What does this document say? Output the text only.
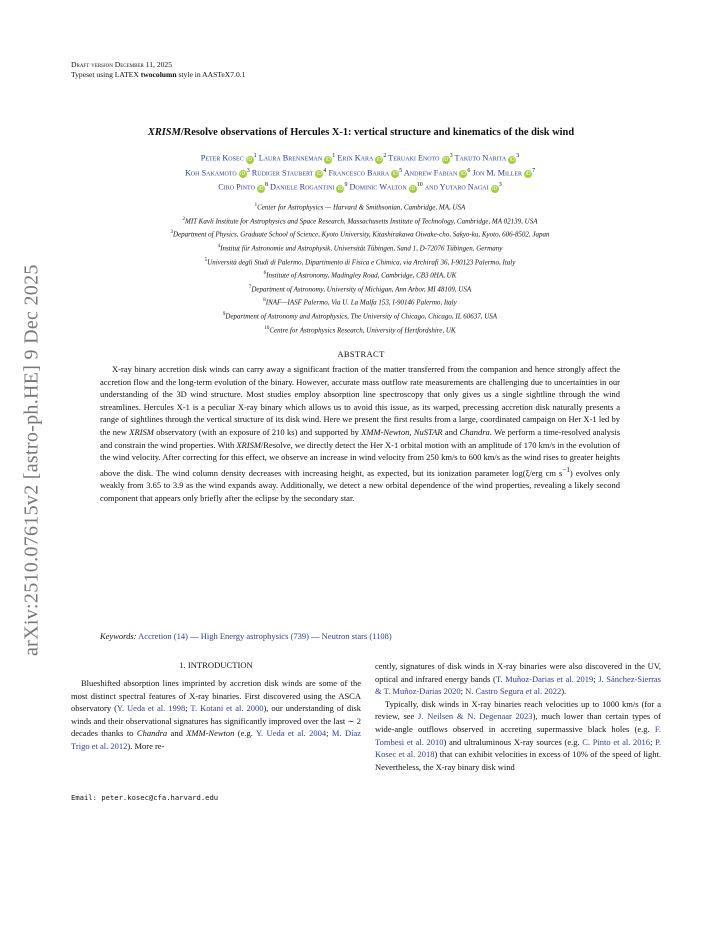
arXiv:2510.07615v2 [astro-ph.HE] 9 Dec 2025
Draft version December 11, 2025
Typeset using LATEX twocolumn style in AASTeX7.0.1
XRISM/Resolve observations of Hercules X-1: vertical structure and kinematics of the disk wind
Peter Kosec $iD^1$ Laura Brenneman $iD^1$ Erin Kara $iD^2$ Teruaki Enoto $iD^3$ Takuto Narita $iD^3$
Koh Sakamoto $iD^3$ Rüdiger Staubert $iD^4$ Francesco Barra $iD^5$ Andrew Fabian $iD^6$ Jon M. Miller $iD^7$
Ciro Pinto $iD^8$ Daniele Rogantini $iD^9$ Dominic Walton $iD^{10}$ and Yutaro Nagai $iD^3$
$^1$Center for Astrophysics — Harvard & Smithsonian, Cambridge, MA, USA
$^2$MIT Kavli Institute for Astrophysics and Space Research, Massachusetts Institute of Technology, Cambridge, MA 02139, USA
$^3$Department of Physics, Graduate School of Science, Kyoto University, Kitashirakawa Oiwake-cho, Sakyo-ku, Kyoto, 606-8502, Japan
$^4$Institut für Astronomie und Astrophysik, Universität Tübingen, Sand 1, D-72076 Tübingen, Germany
$^5$Università degli Studi di Palermo, Dipartimento di Fisica e Chimica, via Archirafi 36, I-90123 Palermo, Italy
$^6$Institute of Astronomy, Madingley Road, Cambridge, CB3 0HA, UK
$^7$Department of Astronomy, University of Michigan, Ann Arbor, MI 48109, USA
$^8$INAF—IASF Palermo, Via U. La Malfa 153, I-90146 Palermo, Italy
$^9$Department of Astronomy and Astrophysics, The University of Chicago, Chicago, IL 60637, USA
$^{10}$Centre for Astrophysics Research, University of Hertfordshire, UK
ABSTRACT
X-ray binary accretion disk winds can carry away a significant fraction of the matter transferred from the companion and hence strongly affect the accretion flow and the long-term evolution of the binary. However, accurate mass outflow rate measurements are challenging due to uncertainties in our understanding of the 3D wind structure. Most studies employ absorption line spectroscopy that only gives us a single sightline through the wind streamlines. Hercules X-1 is a peculiar X-ray binary which allows us to avoid this issue, as its warped, precessing accretion disk naturally presents a range of sightlines through the vertical structure of its disk wind. Here we present the first results from a large, coordinated campaign on Her X-1 led by the new XRISM observatory (with an exposure of 210 ks) and supported by XMM-Newton, NuSTAR and Chandra. We perform a time-resolved analysis and constrain the wind properties. With XRISM/Resolve, we directly detect the Her X-1 orbital motion with an amplitude of 170 km/s in the evolution of the wind velocity. After correcting for this effect, we observe an increase in wind velocity from 250 km/s to 600 km/s as the wind rises to greater heights above the disk. The wind column density decreases with increasing height, as expected, but its ionization parameter log(ξ/erg cm $s^{-1}$) evolves only weakly from 3.65 to 3.9 as the wind expands away. Additionally, we detect a new orbital dependence of the wind properties, revealing a likely second component that appears only briefly after the eclipse by the secondary star.
Keywords: Accretion (14) — High Energy astrophysics (739) — Neutron stars (1108)
1. INTRODUCTION

Blueshifted absorption lines imprinted by accretion disk winds are some of the most distinct spectral features of X-ray binaries. First discovered using the ASCA observatory (Y. Ueda et al. 1998; T. Kotani et al. 2000), our understanding of disk winds and their observational signatures has significantly improved over the last ∼ 2 decades thanks to Chandra and XMM-Newton (e.g. Y. Ueda et al. 2004; M. Díaz Trigo et al. 2012). More re-

cently, signatures of disk winds in X-ray binaries were also discovered in the UV, optical and infrared energy bands (T. Muñoz-Darias et al. 2019; J. Sánchez-Sierras & T. Muñoz-Darias 2020; N. Castro Segura et al. 2022).

Typically, disk winds in X-ray binaries reach velocities up to 1000 km/s (for a review, see J. Neilsen & N. Degenaar 2023), much lower than certain types of wide-angle outflows observed in accreting supermassive black holes (e.g. F. Tombesi et al. 2010) and ultraluminous X-ray sources (e.g. C. Pinto et al. 2016; P. Kosec et al. 2018) that can exhibit velocities in excess of 10% of the speed of light. Nevertheless, the X-ray binary disk wind

Email: peter.kosec@cfa.harvard.edu
